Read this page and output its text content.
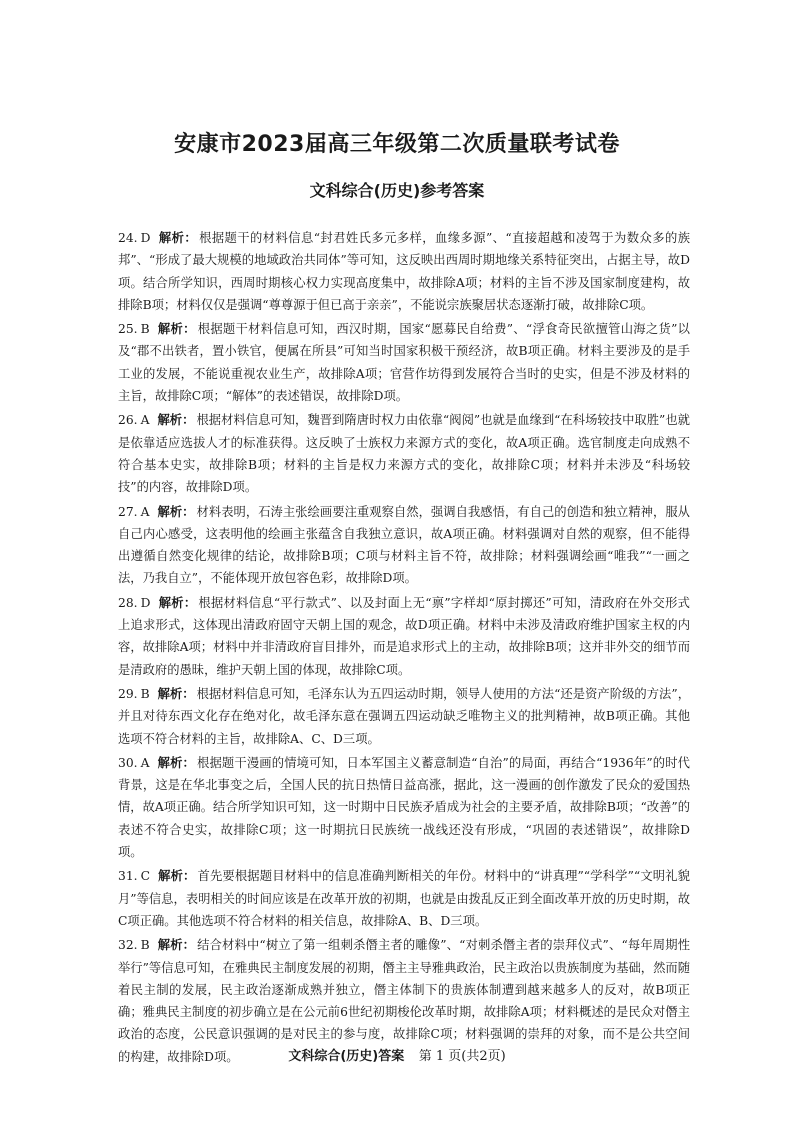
安康市2023届高三年级第二次质量联考试卷
文科综合(历史)参考答案

24. D 解析： 根据题干的材料信息“封君姓氏多元多样，血缘多源”、“直接超越和凌驾于为数众多的族邦”、“形成了最大规模的地域政治共同体”等可知，这反映出西周时期地缘关系特征突出，占据主导，故D项。结合所学知识，西周时期核心权力实现高度集中，故排除A项；材料的主旨不涉及国家制度建构，故排除B项；材料仅仅是强调“尊尊源于但已高于亲亲”，不能说宗族聚居状态逐渐打破，故排除C项。

25. B 解析： 根据题干材料信息可知，西汉时期，国家“愿募民自给费”、“浮食奇民欲擅管山海之货”以及“郡不出铁者，置小铁官，便属在所县”可知当时国家积极干预经济，故B项正确。材料主要涉及的是手工业的发展，不能说重视农业生产，故排除A项；官营作坊得到发展符合当时的史实，但是不涉及材料的主旨，故排除C项；“解体”的表述错误，故排除D项。

26. A 解析： 根据材料信息可知，魏晋到隋唐时权力由依靠“阀阅”也就是血缘到“在科场较技中取胜”也就是依靠适应选拔人才的标准获得。这反映了士族权力来源方式的变化，故A项正确。选官制度走向成熟不符合基本史实，故排除B项；材料的主旨是权力来源方式的变化，故排除C项；材料并未涉及“科场较技”的内容，故排除D项。

27. A 解析： 材料表明，石涛主张绘画要注重观察自然，强调自我感悟，有自己的创造和独立精神，服从自己内心感受，这表明他的绘画主张蕴含自我独立意识，故A项正确。材料强调对自然的观察，但不能得出遵循自然变化规律的结论，故排除B项；C项与材料主旨不符，故排除；材料强调绘画“唯我”“一画之法，乃我自立”，不能体现开放包容色彩，故排除D项。

28. D 解析： 根据材料信息“平行款式”、以及封面上无“禀”字样却“原封掷还”可知，清政府在外交形式上追求形式，这体现出清政府固守天朝上国的观念，故D项正确。材料中未涉及清政府维护国家主权的内容，故排除A项；材料中并非清政府盲目排外，而是追求形式上的主动，故排除B项；这并非外交的细节而是清政府的愚昧，维护天朝上国的体现，故排除C项。

29. B 解析： 根据材料信息可知，毛泽东认为五四运动时期，领导人使用的方法“还是资产阶级的方法”，并且对待东西文化存在绝对化，故毛泽东意在强调五四运动缺乏唯物主义的批判精神，故B项正确。其他选项不符合材料的主旨，故排除A、C、D三项。

30. A 解析： 根据题干漫画的情境可知，日本军国主义蓄意制造“自治”的局面，再结合“1936年”的时代背景，这是在华北事变之后，全国人民的抗日热情日益高涨，据此，这一漫画的创作激发了民众的爱国热情，故A项正确。结合所学知识可知，这一时期中日民族矛盾成为社会的主要矛盾，故排除B项；“改善”的表述不符合史实，故排除C项；这一时期抗日民族统一战线还没有形成，“巩固的表述错误”，故排除D项。

31. C 解析： 首先要根据题目材料中的信息准确判断相关的年份。材料中的“讲真理”“学科学”“文明礼貌月”等信息，表明相关的时间应该是在改革开放的初期，也就是由拨乱反正到全面改革开放的历史时期，故C项正确。其他选项不符合材料的相关信息，故排除A、B、D三项。

32. B 解析： 结合材料中“树立了第一组刺杀僭主者的雕像”、“对刺杀僭主者的崇拜仪式”、“每年周期性举行”等信息可知，在雅典民主制度发展的初期，僭主主导雅典政治，民主政治以贵族制度为基础，然而随着民主制的发展，民主政治逐渐成熟并独立，僭主体制下的贵族体制遭到越来越多人的反对，故B项正确；雅典民主制度的初步确立是在公元前6世纪初期梭伦改革时期，故排除A项；材料概述的是民众对僭主政治的态度，公民意识强调的是对民主的参与度，故排除C项；材料强调的崇拜的对象，而不是公共空间的构建，故排除D项。	文科综合(历史)答案 第 1 页(共2页)
